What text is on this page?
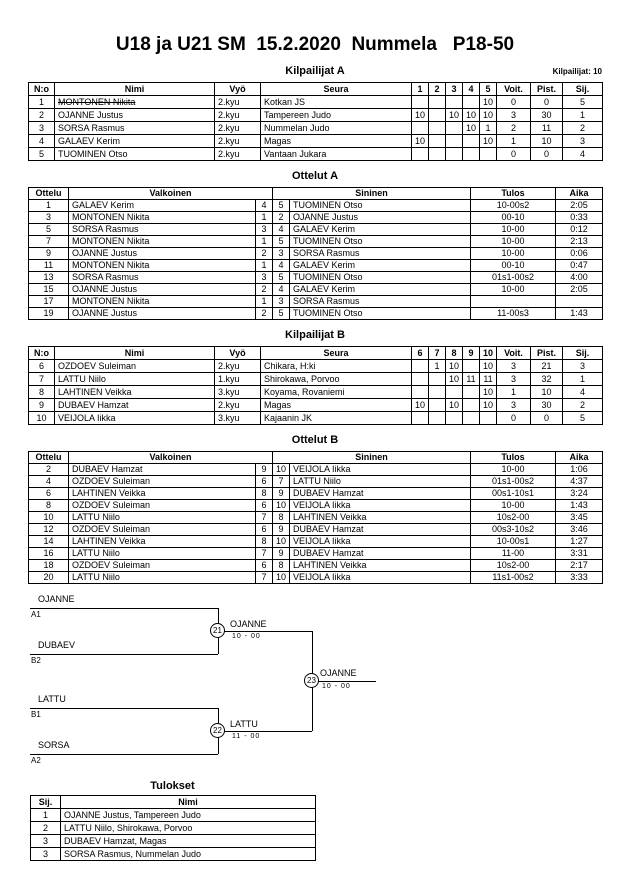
U18 ja U21 SM  15.2.2020  Nummela   P18-50
Kilpailijat A	Kilpailijat: 10
N:o	Nimi	Vyö	Seura	1	2	3	4	5	Voit.	Pist.	Sij.
1	MONTONEN Nikita	2.kyu	Kotkan JS					10	0	0	5
2	OJANNE Justus	2.kyu	Tampereen Judo	10		10	10	10	3	30	1
3	SORSA Rasmus	2.kyu	Nummelan Judo				10	1	2	11	2
4	GALAEV Kerim	2.kyu	Magas	10				10	1	10	3
5	TUOMINEN Otso	2.kyu	Vantaan Jukara						0	0	4
Ottelut A
Ottelu	Valkoinen		Sininen		Tulos	Aika
1	GALAEV Kerim	4	5	TUOMINEN Otso	10-00s2	2:05
3	MONTONEN Nikita	1	2	OJANNE Justus	00-10	0:33
5	SORSA Rasmus	3	4	GALAEV Kerim	10-00	0:12
7	MONTONEN Nikita	1	5	TUOMINEN Otso	10-00	2:13
9	OJANNE Justus	2	3	SORSA Rasmus	10-00	0:06
11	MONTONEN Nikita	1	4	GALAEV Kerim	00-10	0:47
13	SORSA Rasmus	3	5	TUOMINEN Otso	01s1-00s2	4:00
15	OJANNE Justus	2	4	GALAEV Kerim	10-00	2:05
17	MONTONEN Nikita	1	3	SORSA Rasmus		
19	OJANNE Justus	2	5	TUOMINEN Otso	11-00s3	1:43
Kilpailijat B
N:o	Nimi	Vyö	Seura	6	7	8	9	10	Voit.	Pist.	Sij.
6	OZDOEV Suleiman	2.kyu	Chikara, H:ki		1	10		10	3	21	3
7	LATTU Niilo	1.kyu	Shirokawa, Porvoo			10	11	11	3	32	1
8	LAHTINEN Veikka	3.kyu	Koyama, Rovaniemi					10	1	10	4
9	DUBAEV Hamzat	2.kyu	Magas	10		10		10	3	30	2
10	VEIJOLA Iikka	3.kyu	Kajaanin JK						0	0	5
Ottelut B
Ottelu	Valkoinen		Sininen		Tulos	Aika
2	DUBAEV Hamzat	9	10	VEIJOLA Iikka	10-00	1:06
4	OZDOEV Suleiman	6	7	LATTU Niilo	01s1-00s2	4:37
6	LAHTINEN Veikka	8	9	DUBAEV Hamzat	00s1-10s1	3:24
8	OZDOEV Suleiman	6	10	VEIJOLA Iikka	10-00	1:43
10	LATTU Niilo	7	8	LAHTINEN Veikka	10s2-00	3:45
12	OZDOEV Suleiman	6	9	DUBAEV Hamzat	00s3-10s2	3:46
14	LAHTINEN Veikka	8	10	VEIJOLA Iikka	10-00s1	1:27
16	LATTU Niilo	7	9	DUBAEV Hamzat	11-00	3:31
18	OZDOEV Suleiman	6	8	LAHTINEN Veikka	10s2-00	2:17
20	LATTU Niilo	7	10	VEIJOLA Iikka	11s1-00s2	3:33
OJANNE
A1
DUBAEV
B2
21
OJANNE
10 - 00
LATTU
B1
SORSA
A2
22
LATTU
11 - 00
23
OJANNE
10 - 00
Tulokset
Sij.	Nimi
1	OJANNE Justus, Tampereen Judo
2	LATTU Niilo, Shirokawa, Porvoo
3	DUBAEV Hamzat, Magas
3	SORSA Rasmus, Nummelan Judo
